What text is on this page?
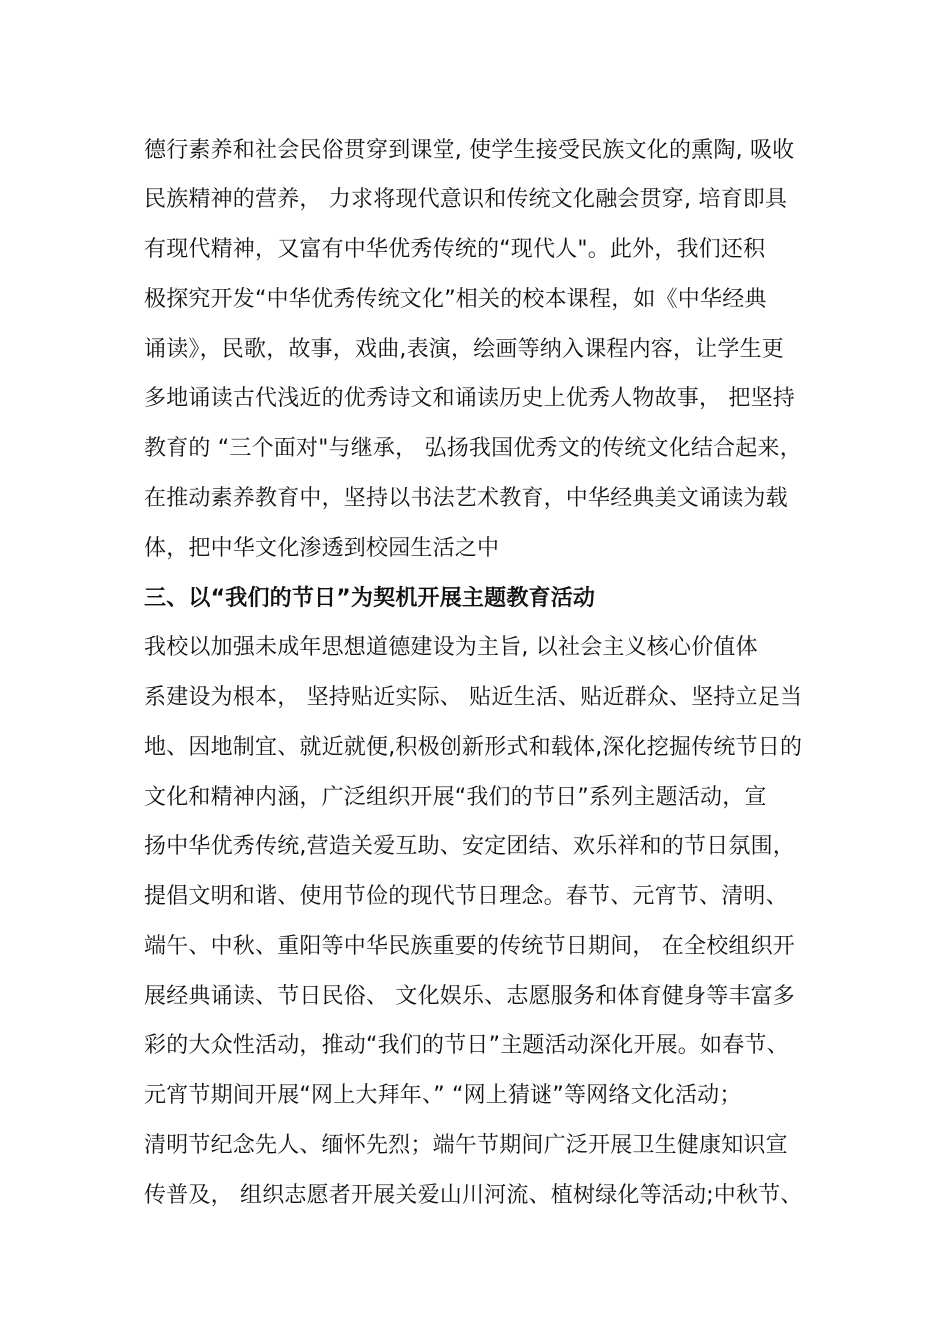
德行素养和社会民俗贯穿到课堂, 使学生接受民族文化的熏陶, 吸收
民族精神的营养， 力求将现代意识和传统文化融会贯穿, 培育即具
有现代精神，又富有中华优秀传统的“现代人"。此外，我们还积
极探究开发“中华优秀传统文化”相关的校本课程，如《中华经典
诵读》，民歌，故事，戏曲,表演，绘画等纳入课程内容，让学生更
多地诵读古代浅近的优秀诗文和诵读历史上优秀人物故事， 把坚持
教育的 “三个面对"与继承， 弘扬我国优秀文的传统文化结合起来，
在推动素养教育中，坚持以书法艺术教育，中华经典美文诵读为载
体，把中华文化渗透到校园生活之中
三、以“我们的节日”为契机开展主题教育活动
我校以加强未成年思想道德建设为主旨, 以社会主义核心价值体
系建设为根本， 坚持贴近实际、 贴近生活、贴近群众、坚持立足当
地、因地制宜、就近就便,积极创新形式和载体,深化挖掘传统节日的
文化和精神内涵，广泛组织开展“我们的节日”系列主题活动，宣
扬中华优秀传统,营造关爱互助、安定团结、欢乐祥和的节日氛围，
提倡文明和谐、使用节俭的现代节日理念。春节、元宵节、清明、
端午、中秋、重阳等中华民族重要的传统节日期间， 在全校组织开
展经典诵读、节日民俗、 文化娱乐、志愿服务和体育健身等丰富多
彩的大众性活动，推动“我们的节日”主题活动深化开展。如春节、
元宵节期间开展“网上大拜年、” “网上猜谜”等网络文化活动；
清明节纪念先人、缅怀先烈；端午节期间广泛开展卫生健康知识宣
传普及， 组织志愿者开展关爱山川河流、植树绿化等活动;中秋节、
